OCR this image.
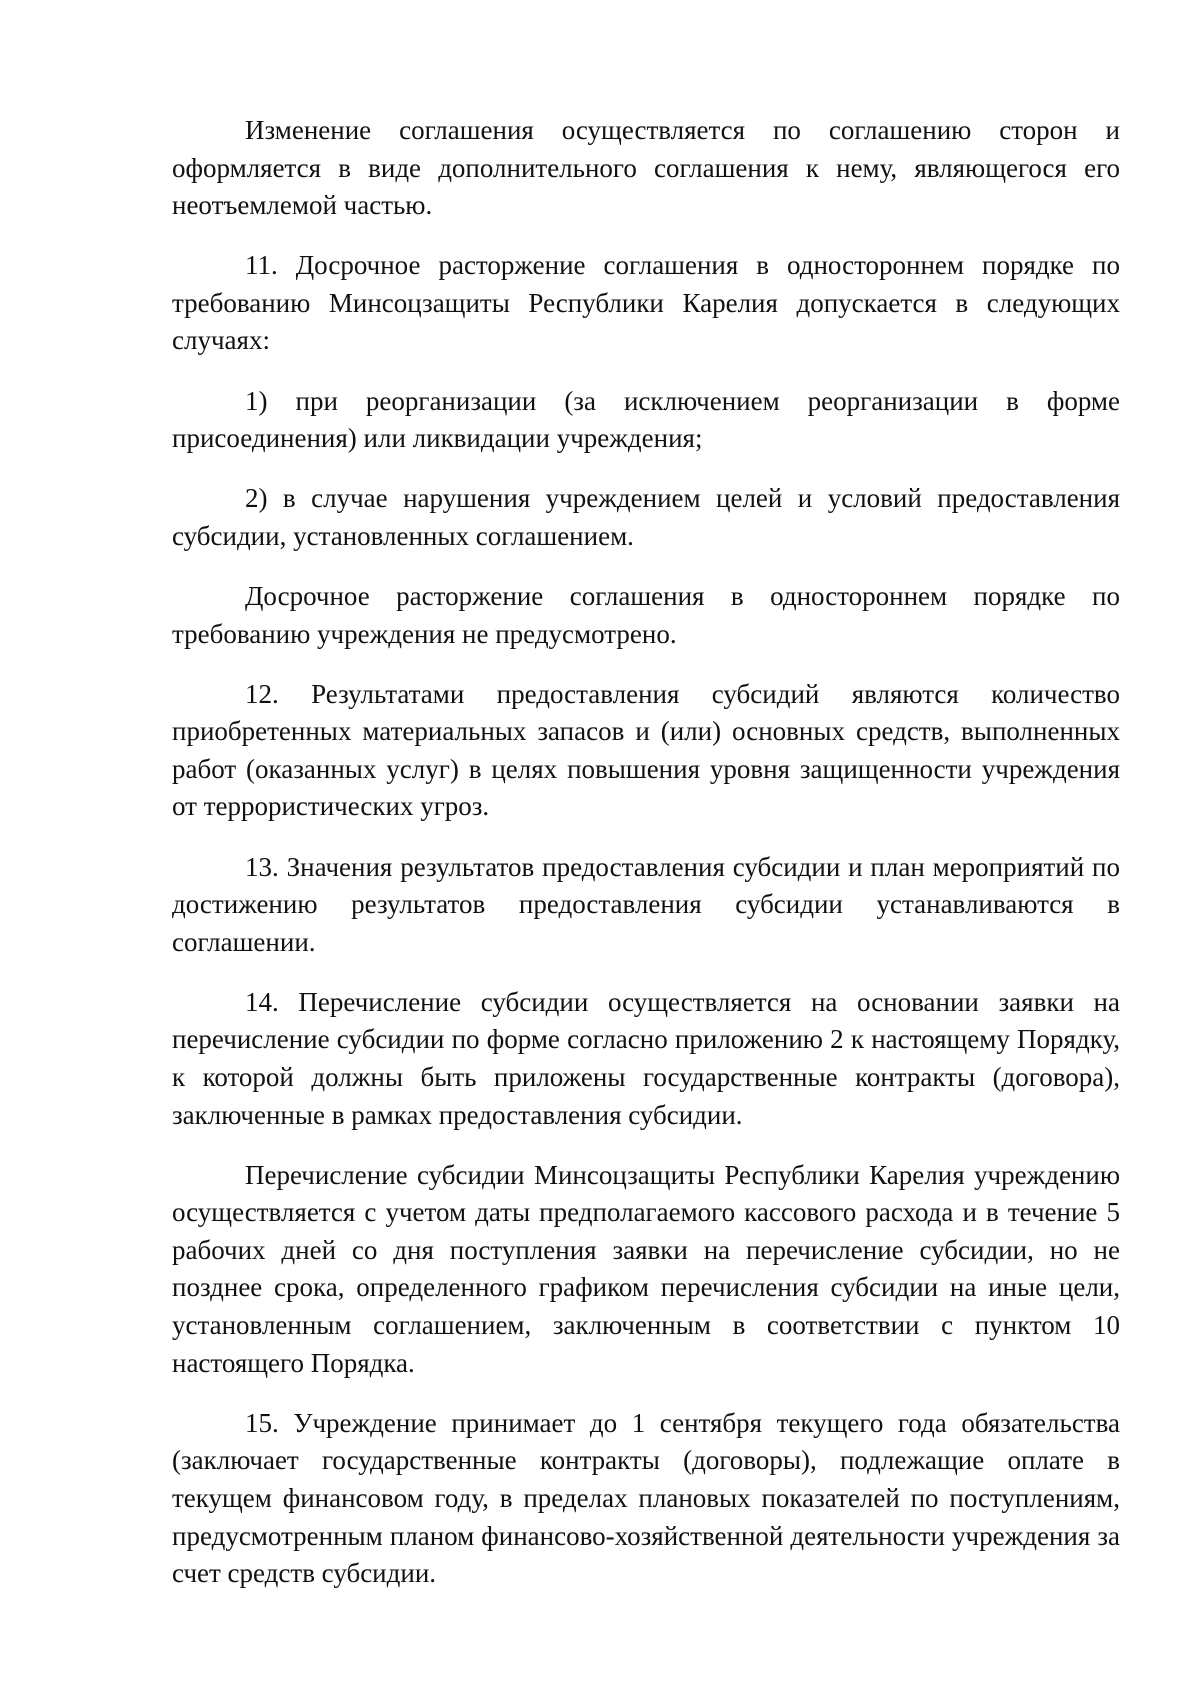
Изменение соглашения осуществляется по соглашению сторон и оформляется в виде дополнительного соглашения к нему, являющегося его неотъемлемой частью.

11. Досрочное расторжение соглашения в одностороннем порядке по требованию Минсоцзащиты Республики Карелия допускается в следующих случаях:

1) при реорганизации (за исключением реорганизации в форме присоединения) или ликвидации учреждения;

2) в случае нарушения учреждением целей и условий предоставления субсидии, установленных соглашением.

Досрочное расторжение соглашения в одностороннем порядке по требованию учреждения не предусмотрено.

12. Результатами предоставления субсидий являются количество приобретенных материальных запасов и (или) основных средств, выполненных работ (оказанных услуг) в целях повышения уровня защищенности учреждения от террористических угроз.

13. Значения результатов предоставления субсидии и план мероприятий по достижению результатов предоставления субсидии устанавливаются в соглашении.

14. Перечисление субсидии осуществляется на основании заявки на перечисление субсидии по форме согласно приложению 2 к настоящему Порядку, к которой должны быть приложены государственные контракты (договора), заключенные в рамках предоставления субсидии.

Перечисление субсидии Минсоцзащиты Республики Карелия учреждению осуществляется с учетом даты предполагаемого кассового расхода и в течение 5 рабочих дней со дня поступления заявки на перечисление субсидии, но не позднее срока, определенного графиком перечисления субсидии на иные цели, установленным соглашением, заключенным в соответствии с пунктом 10 настоящего Порядка.

15. Учреждение принимает до 1 сентября текущего года обязательства (заключает государственные контракты (договоры), подлежащие оплате в текущем финансовом году, в пределах плановых показателей по поступлениям, предусмотренным планом финансово-хозяйственной деятельности учреждения за счет средств субсидии.
